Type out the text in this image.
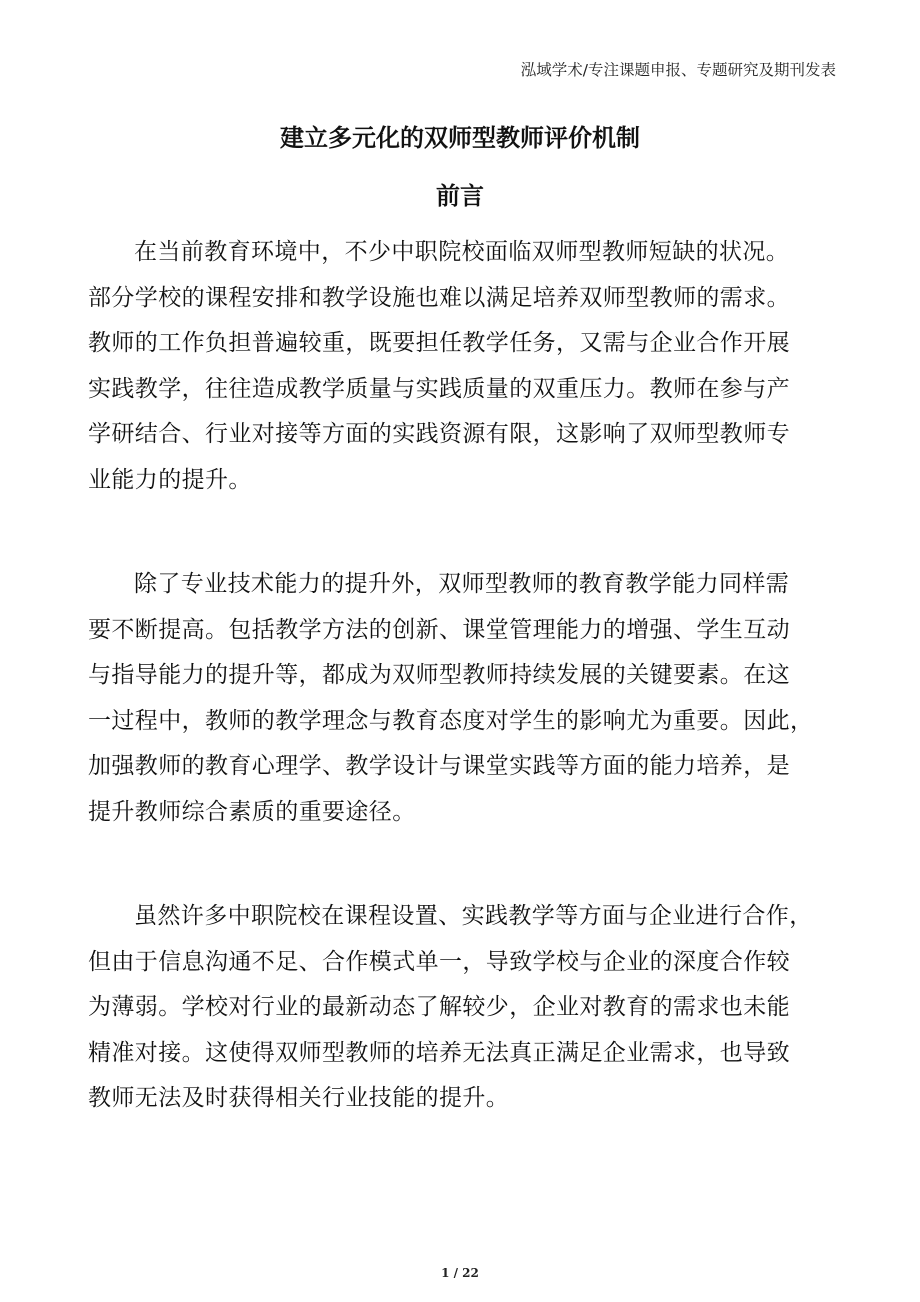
泓域学术/专注课题申报、专题研究及期刊发表
建立多元化的双师型教师评价机制
前言
在当前教育环境中，不少中职院校面临双师型教师短缺的状况。
部分学校的课程安排和教学设施也难以满足培养双师型教师的需求。
教师的工作负担普遍较重，既要担任教学任务，又需与企业合作开展
实践教学，往往造成教学质量与实践质量的双重压力。教师在参与产
学研结合、行业对接等方面的实践资源有限，这影响了双师型教师专
业能力的提升。
除了专业技术能力的提升外，双师型教师的教育教学能力同样需
要不断提高。包括教学方法的创新、课堂管理能力的增强、学生互动
与指导能力的提升等，都成为双师型教师持续发展的关键要素。在这
一过程中，教师的教学理念与教育态度对学生的影响尤为重要。因此，
加强教师的教育心理学、教学设计与课堂实践等方面的能力培养，是
提升教师综合素质的重要途径。
虽然许多中职院校在课程设置、实践教学等方面与企业进行合作，
但由于信息沟通不足、合作模式单一，导致学校与企业的深度合作较
为薄弱。学校对行业的最新动态了解较少，企业对教育的需求也未能
精准对接。这使得双师型教师的培养无法真正满足企业需求，也导致
教师无法及时获得相关行业技能的提升。
1 / 22
